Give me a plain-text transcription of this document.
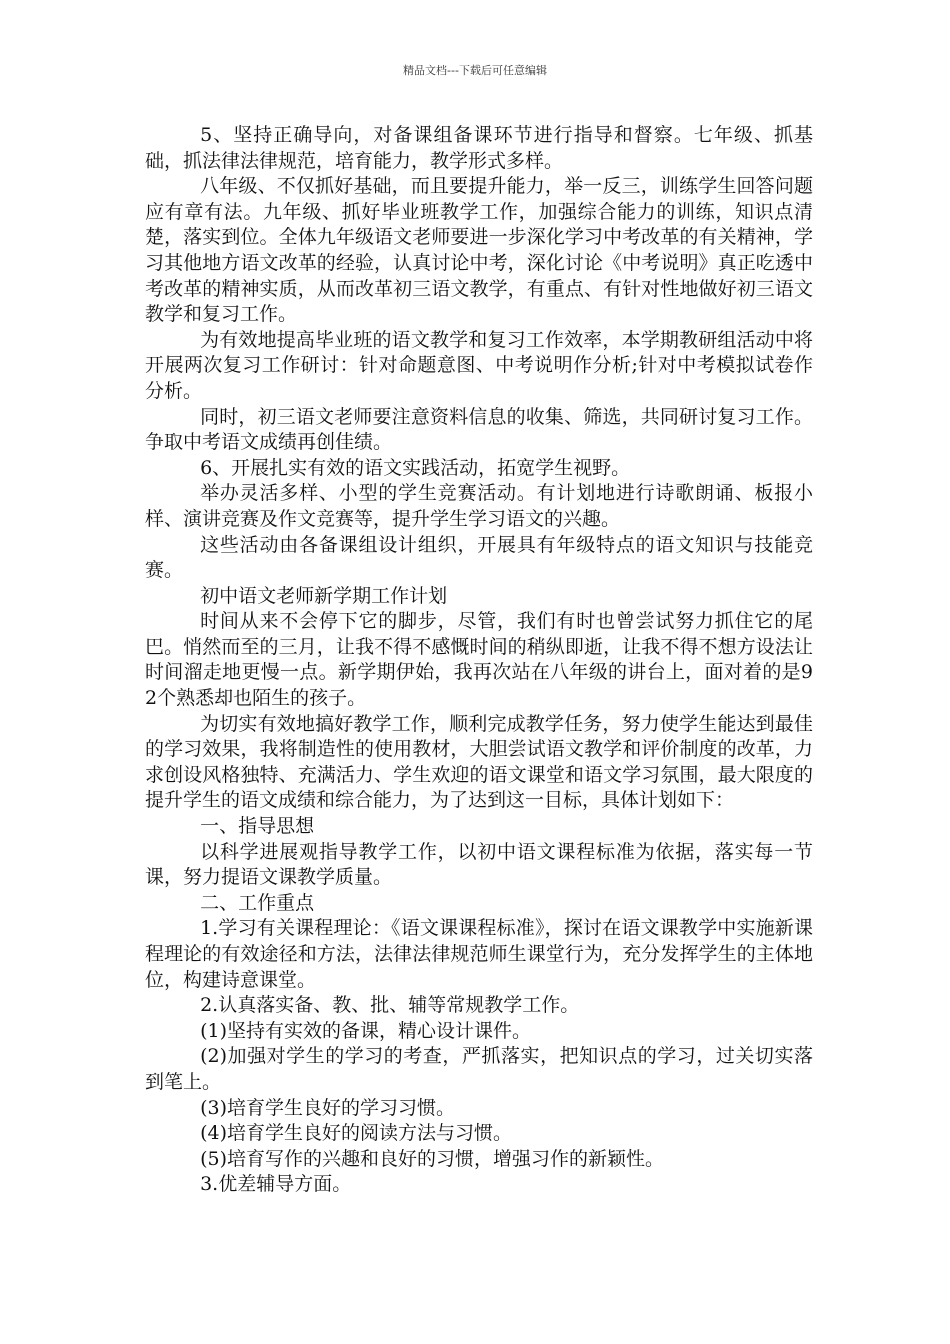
精品文档---下载后可任意编辑

5、坚持正确导向，对备课组备课环节进行指导和督察。七年级、抓基础，抓法律法律规范，培育能力，教学形式多样。

八年级、不仅抓好基础，而且要提升能力，举一反三，训练学生回答问题应有章有法。九年级、抓好毕业班教学工作，加强综合能力的训练，知识点清楚，落实到位。全体九年级语文老师要进一步深化学习中考改革的有关精神，学习其他地方语文改革的经验，认真讨论中考，深化讨论《中考说明》真正吃透中考改革的精神实质，从而改革初三语文教学，有重点、有针对性地做好初三语文教学和复习工作。

为有效地提高毕业班的语文教学和复习工作效率，本学期教研组活动中将开展两次复习工作研讨：针对命题意图、中考说明作分析;针对中考模拟试卷作分析。

同时，初三语文老师要注意资料信息的收集、筛选，共同研讨复习工作。争取中考语文成绩再创佳绩。

6、开展扎实有效的语文实践活动，拓宽学生视野。

举办灵活多样、小型的学生竞赛活动。有计划地进行诗歌朗诵、板报小样、演讲竞赛及作文竞赛等，提升学生学习语文的兴趣。

这些活动由各备课组设计组织，开展具有年级特点的语文知识与技能竞赛。

初中语文老师新学期工作计划

时间从来不会停下它的脚步，尽管，我们有时也曾尝试努力抓住它的尾巴。悄然而至的三月，让我不得不感慨时间的稍纵即逝，让我不得不想方设法让时间溜走地更慢一点。新学期伊始，我再次站在八年级的讲台上，面对着的是92个熟悉却也陌生的孩子。

为切实有效地搞好教学工作，顺利完成教学任务，努力使学生能达到最佳的学习效果，我将制造性的使用教材，大胆尝试语文教学和评价制度的改革，力求创设风格独特、充满活力、学生欢迎的语文课堂和语文学习氛围，最大限度的提升学生的语文成绩和综合能力，为了达到这一目标，具体计划如下：

一、指导思想

以科学进展观指导教学工作，以初中语文课程标准为依据，落实每一节课，努力提语文课教学质量。

二、工作重点

1.学习有关课程理论：《语文课课程标准》，探讨在语文课教学中实施新课程理论的有效途径和方法，法律法律规范师生课堂行为，充分发挥学生的主体地位，构建诗意课堂。

2.认真落实备、教、批、辅等常规教学工作。

(1)坚持有实效的备课，精心设计课件。

(2)加强对学生的学习的考查，严抓落实，把知识点的学习，过关切实落到笔上。

(3)培育学生良好的学习习惯。

(4)培育学生良好的阅读方法与习惯。

(5)培育写作的兴趣和良好的习惯，增强习作的新颖性。

3.优差辅导方面。
